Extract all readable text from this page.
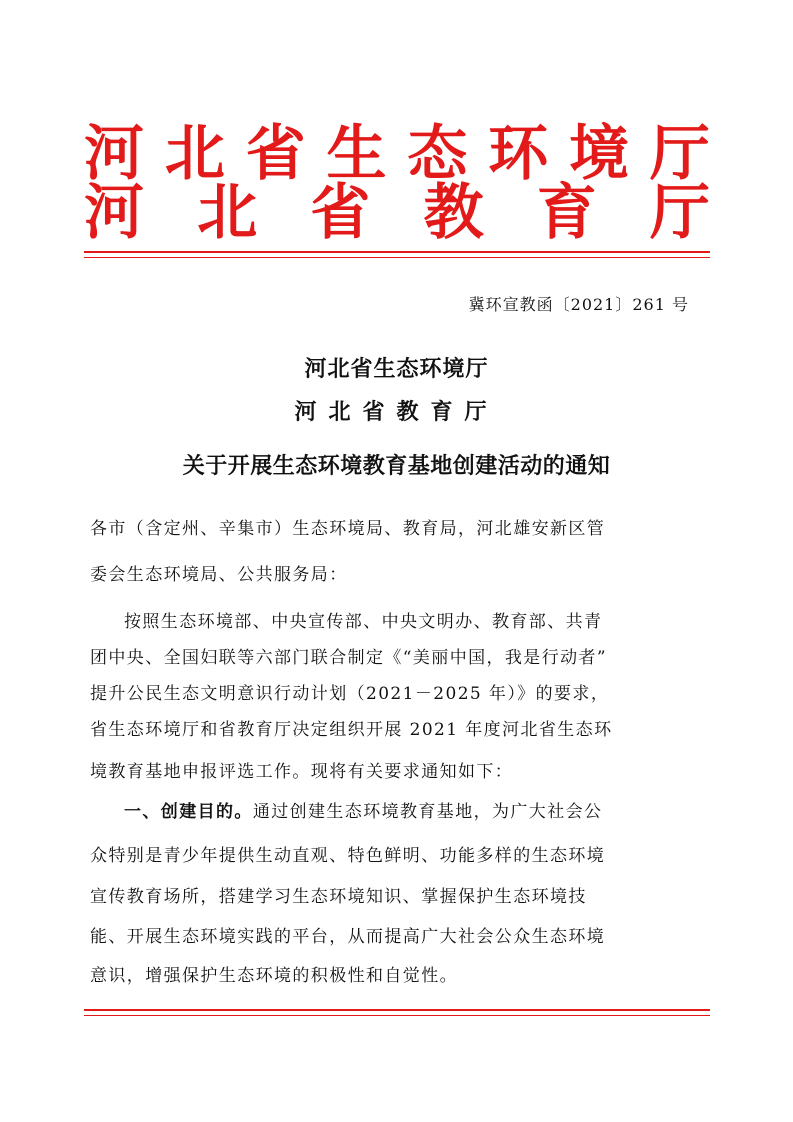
河 北 省 生 态 环 境 厅
河 北 省 教 育 厅
冀环宣教函〔2021〕261 号
河北省生态环境厅
河北省教育厅
关于开展生态环境教育基地创建活动的通知
各市（含定州、辛集市）生态环境局、教育局，河北雄安新区管
委会生态环境局、公共服务局：
按照生态环境部、中央宣传部、中央文明办、教育部、共青
团中央、全国妇联等六部门联合制定《“美丽中国，我是行动者”
提升公民生态文明意识行动计划（2021－2025 年）》的要求，
省生态环境厅和省教育厅决定组织开展 2021 年度河北省生态环
境教育基地申报评选工作。现将有关要求通知如下：
一、创建目的。通过创建生态环境教育基地，为广大社会公
众特别是青少年提供生动直观、特色鲜明、功能多样的生态环境
宣传教育场所，搭建学习生态环境知识、掌握保护生态环境技
能、开展生态环境实践的平台，从而提高广大社会公众生态环境
意识，增强保护生态环境的积极性和自觉性。
